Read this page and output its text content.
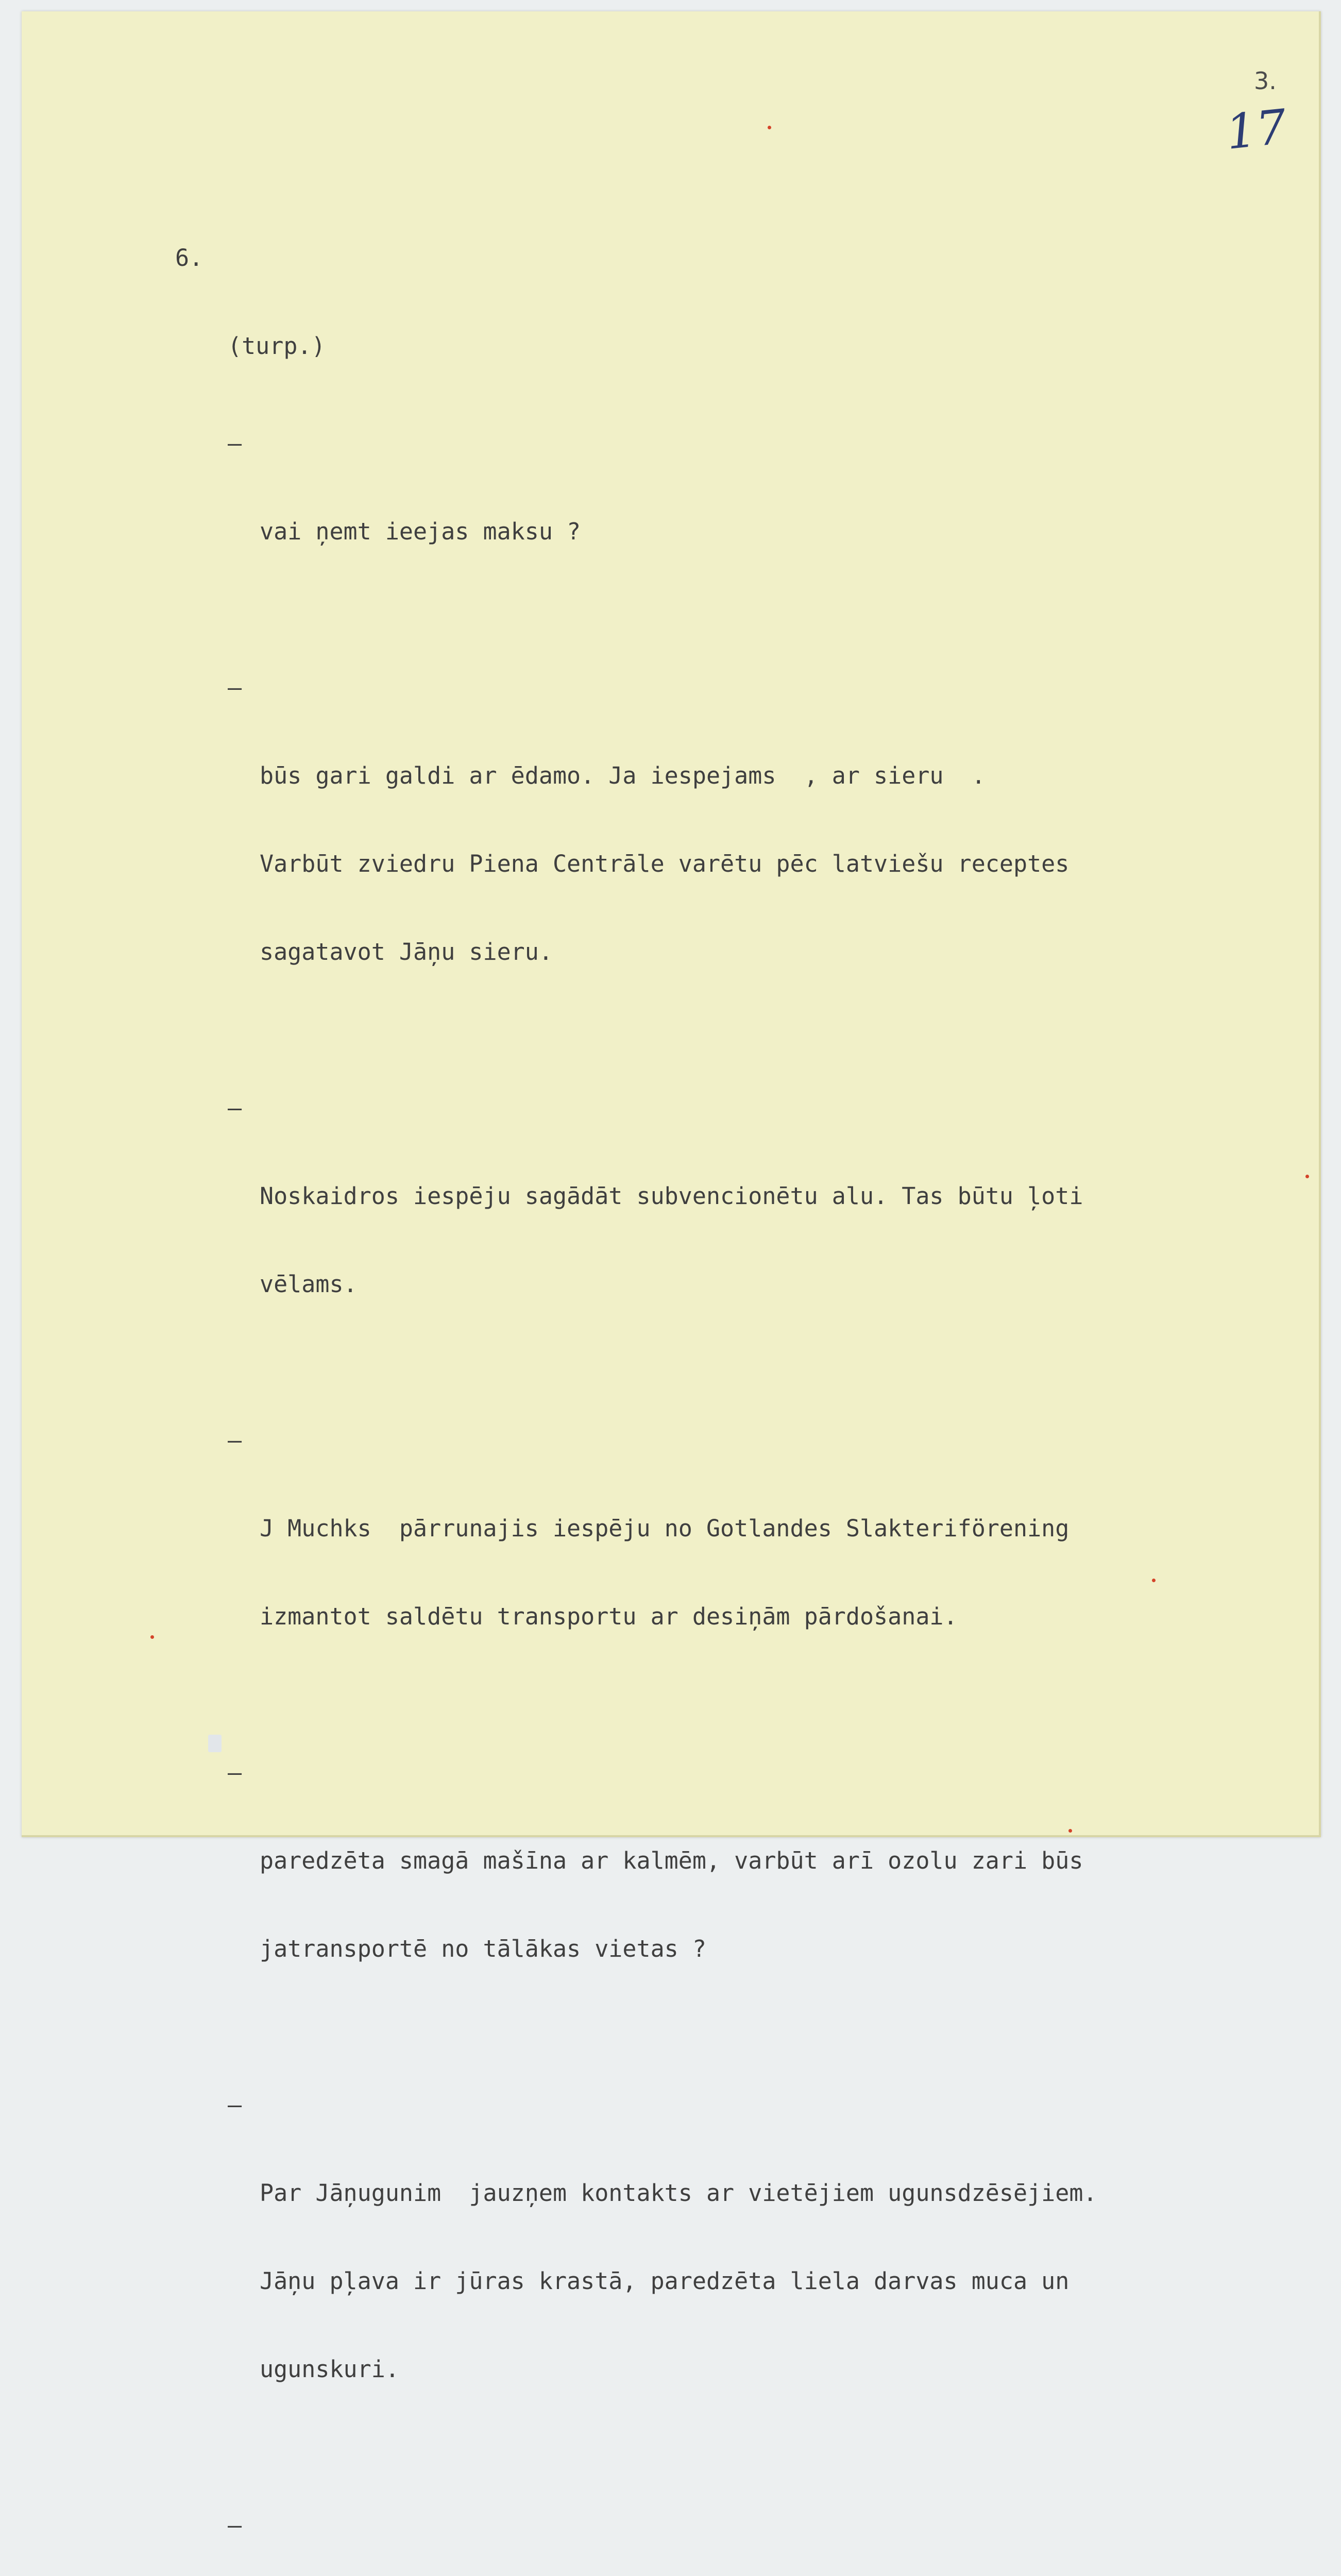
3.
17

6.

(turp.)

–

vai ņemt ieejas maksu ?

–

būs gari galdi ar ēdamo. Ja iespejams  , ar sieru  .

Varbūt zviedru Piena Centrāle varētu pēc latviešu receptes

sagatavot Jāņu sieru.

–

Noskaidros iespēju sagādāt subvencionētu alu. Tas būtu ļoti

vēlams.

–

J Muchks  pārrunajis iespēju no Gotlandes Slakteriförening

izmantot saldētu transportu ar desiņām pārdošanai.

–

paredzēta smagā mašīna ar kalmēm, varbūt arī ozolu zari būs

jatransportē no tālākas vietas ?

–

Par Jāņugunim  jauzņem kontakts ar vietējiem ugunsdzēsējiem.

Jāņu pļava ir jūras krastā, paredzēta liela darvas muca un

ugunskuri.

–
